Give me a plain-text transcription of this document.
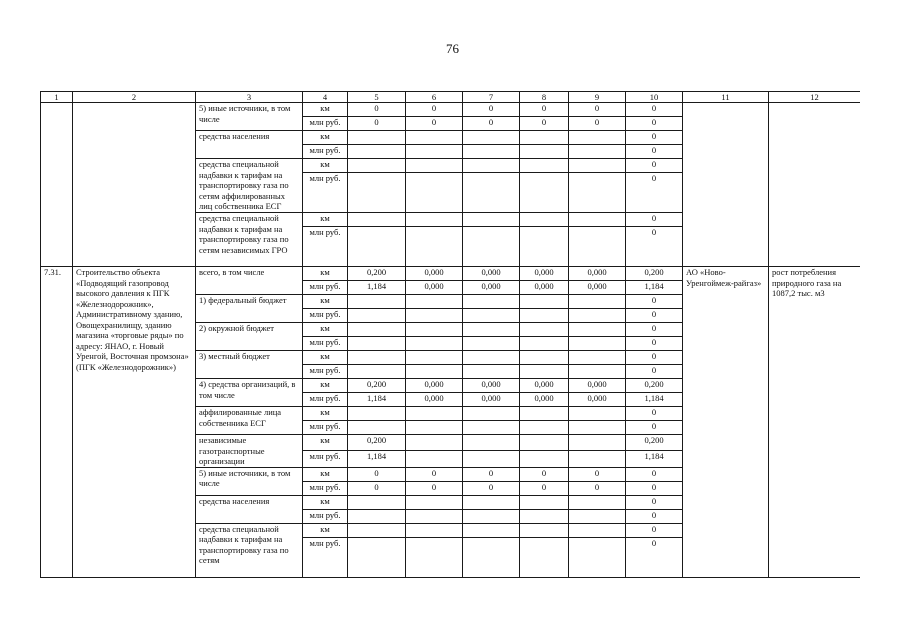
76
1	2	3	4	5	6	7	8	9	10	11	12
		5) иные источники, в том числе	км	0	0	0	0	0	0		
			млн руб.	0	0	0	0	0	0		
		средства населения	км						0		
			млн руб.						0		
		средства специальной надбавки к тарифам на транспортировку газа по сетям аффилированных лиц собственника ЕСГ	км						0		
			млн руб.						0		
		средства специальной надбавки к тарифам на транспортировку газа по сетям независимых ГРО	км						0		
			млн руб.						0		
7.31.	Строительство объекта «Подводящий газопровод высокого давления к ПГК «Железнодорожник», Административному зданию, Овощехранилищу, зданию магазина «торговые ряды» по адресу: ЯНАО, г. Новый Уренгой, Восточная промзона» (ПГК «Железнодорожник»)	всего, в том числе	км	0,200	0,000	0,000	0,000	0,000	0,200	АО «Ново-Уренгоймеж-райгаз»	рост потребления природного газа на 1087,2 тыс. м3
			млн руб.	1,184	0,000	0,000	0,000	0,000	1,184		
		1) федеральный бюджет	км						0		
			млн руб.						0		
		2) окружной бюджет	км						0		
			млн руб.						0		
		3) местный бюджет	км						0		
			млн руб.						0		
		4) средства организаций, в том числе	км	0,200	0,000	0,000	0,000	0,000	0,200		
			млн руб.	1,184	0,000	0,000	0,000	0,000	1,184		
		аффилированные лица собственника ЕСГ	км						0		
			млн руб.						0		
		независимые газотранспортные организации	км	0,200					0,200		
			млн руб.	1,184					1,184		
		5) иные источники, в том числе	км	0	0	0	0	0	0		
			млн руб.	0	0	0	0	0	0		
		средства населения	км						0		
			млн руб.						0		
		средства специальной надбавки к тарифам на транспортировку газа по сетям	км						0		
			млн руб.						0		
